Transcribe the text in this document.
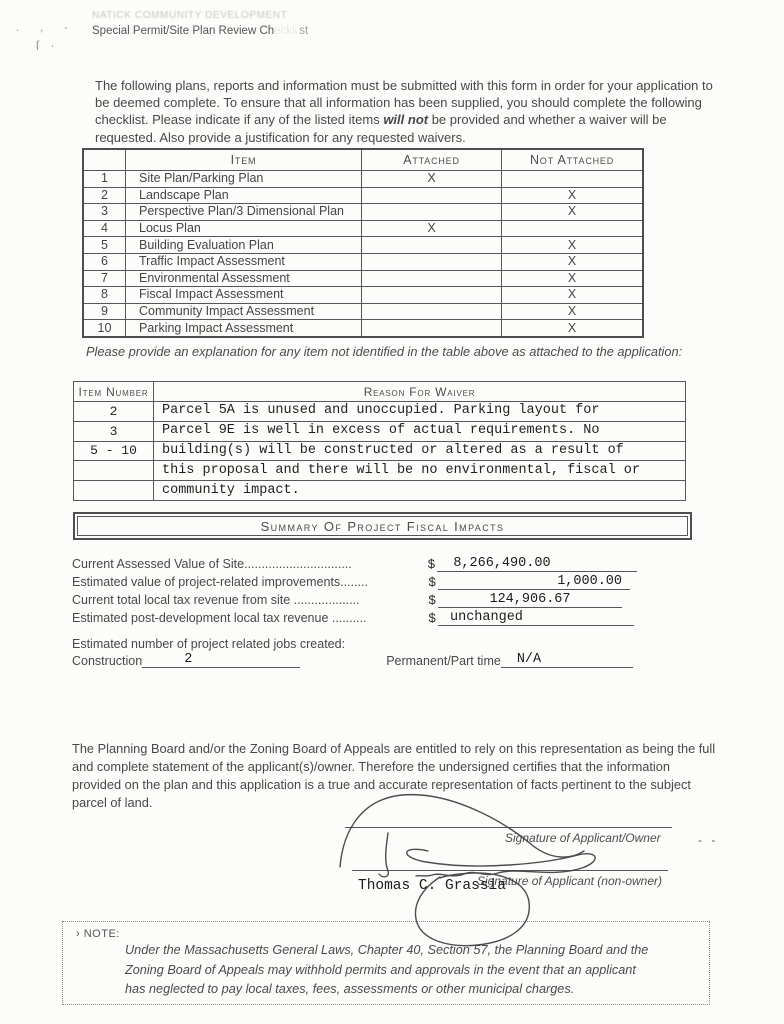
. , -
ſ ·
NATICK COMMUNITY DEVELOPMENT
Special Permit/Site Plan Review Checkli st

The following plans, reports and information must be submitted with this form in order for your application to be deemed complete. To ensure that all information has been supplied, you should complete the following checklist. Please indicate if any of the listed items will not be provided and whether a waiver will be requested. Also provide a justification for any requested waivers.

	Item	Attached	Not Attached
1	Site Plan/Parking Plan	X	
2	Landscape Plan		X
3	Perspective Plan/3 Dimensional Plan		X
4	Locus Plan	X	
5	Building Evaluation Plan		X
6	Traffic Impact Assessment		X
7	Environmental Assessment		X
8	Fiscal Impact Assessment		X
9	Community Impact Assessment		X
10	Parking Impact Assessment		X

Please provide an explanation for any item not identified in the table above as attached to the application:

Item Number	Reason For Waiver
2	Parcel 5A is unused and unoccupied. Parking layout for
3	Parcel 9E is well in excess of actual requirements. No
5 - 10	building(s) will be constructed or altered as a result of
	this proposal and there will be no environmental, fiscal or
	community impact.
Summary Of Project Fiscal Impacts
Current Assessed Value of Site...............................	$	8,266,490.00
Estimated value of project-related improvements........	$	1,000.00
Current total local tax revenue from site ...................	$	124,906.67
Estimated post-development local tax revenue ..........	$	unchanged
Estimated number of project related jobs created:
Construction	2	Permanent/Part time	N/A

The Planning Board and/or the Zoning Board of Appeals are entitled to rely on this representation as being the full and complete statement of the applicant(s)/owner. Therefore the undersigned certifies that the information provided on the plan and this application is a true and accurate representation of facts pertinent to the subject parcel of land.

Signature of Applicant/Owner
Signature of Applicant (non-owner)
Thomas C. Grassia
- -
› NOTE:

Under the Massachusetts General Laws, Chapter 40, Section 57, the Planning Board and the Zoning Board of Appeals may withhold permits and approvals in the event that an applicant has neglected to pay local taxes, fees, assessments or other municipal charges.
